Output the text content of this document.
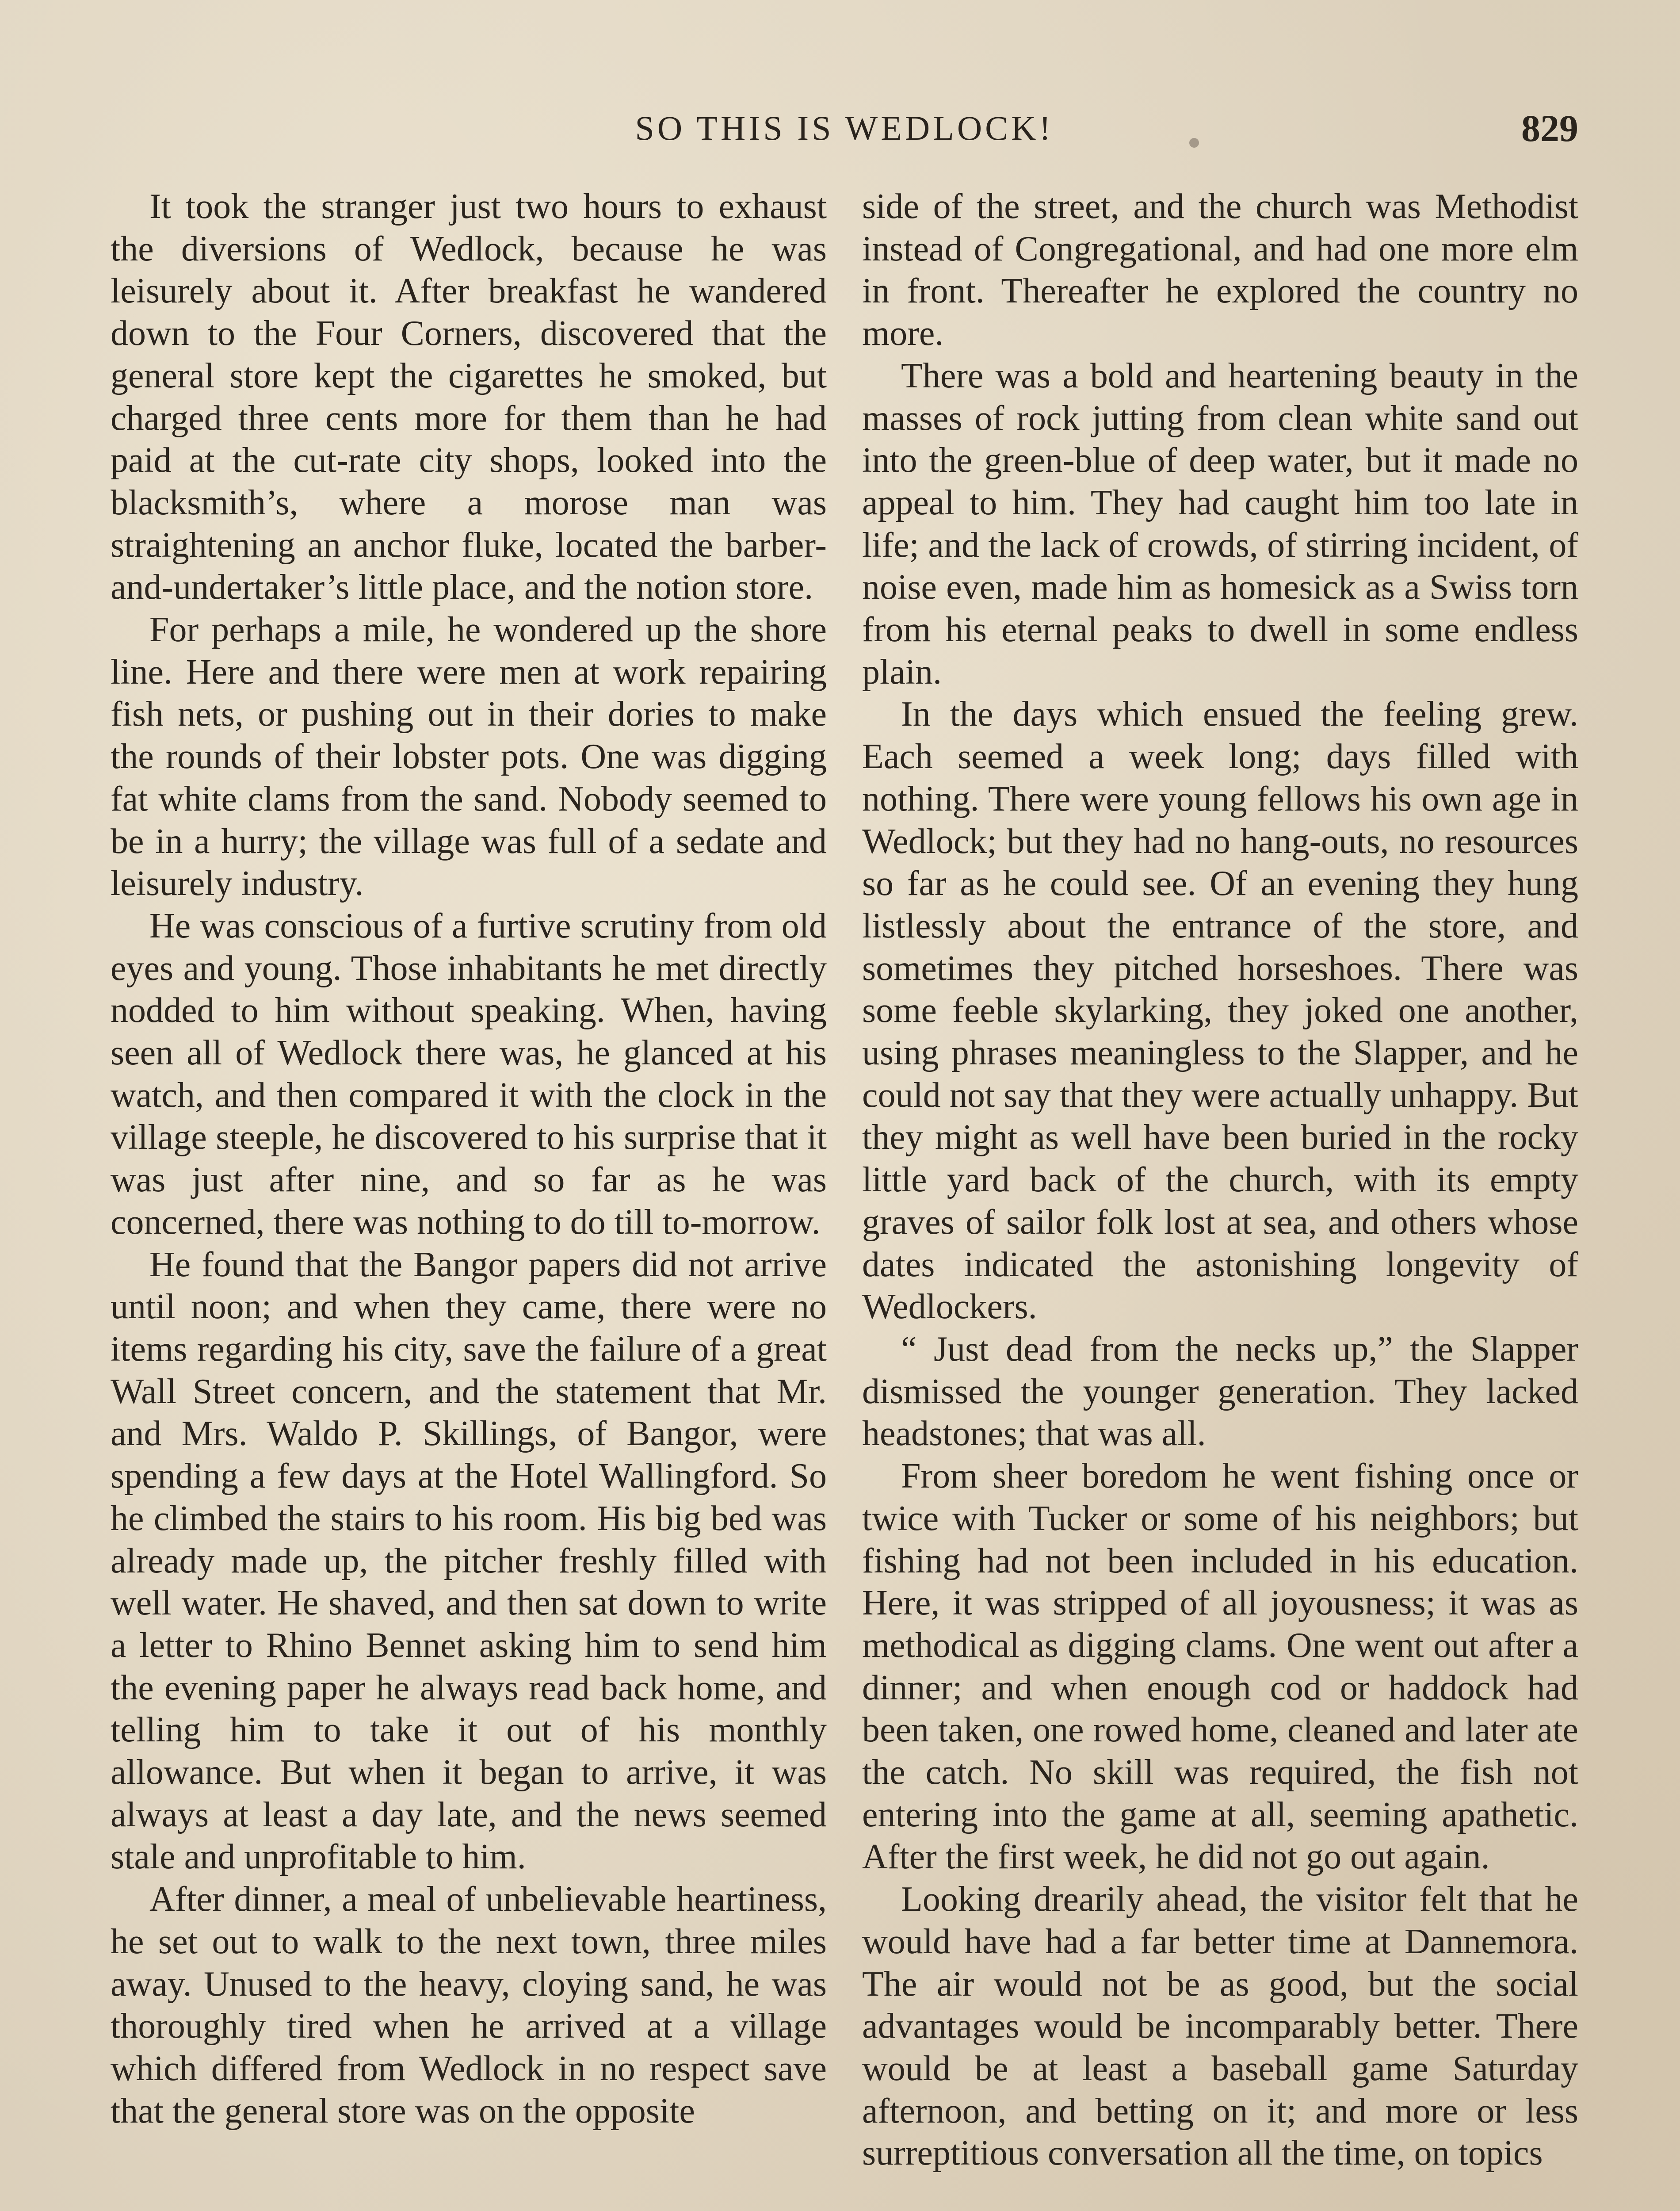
SO THIS IS WEDLOCK!	829

It took the stranger just two hours to exhaust the diversions of Wedlock, because he was leisurely about it. After breakfast he wandered down to the Four Corners, discovered that the general store kept the cigarettes he smoked, but charged three cents more for them than he had paid at the cut-rate city shops, looked into the blacksmith’s, where a morose man was straightening an anchor fluke, located the barber-and-undertaker’s little place, and the notion store.

For perhaps a mile, he wondered up the shore line. Here and there were men at work repairing fish nets, or pushing out in their dories to make the rounds of their lobster pots. One was digging fat white clams from the sand. Nobody seemed to be in a hurry; the village was full of a sedate and leisurely industry.

He was conscious of a furtive scrutiny from old eyes and young. Those inhabitants he met directly nodded to him without speaking. When, having seen all of Wedlock there was, he glanced at his watch, and then compared it with the clock in the village steeple, he discovered to his surprise that it was just after nine, and so far as he was concerned, there was nothing to do till to-morrow.

He found that the Bangor papers did not arrive until noon; and when they came, there were no items regarding his city, save the failure of a great Wall Street concern, and the statement that Mr. and Mrs. Waldo P. Skillings, of Bangor, were spending a few days at the Hotel Wallingford. So he climbed the stairs to his room. His big bed was already made up, the pitcher freshly filled with well water. He shaved, and then sat down to write a letter to Rhino Bennet asking him to send him the evening paper he always read back home, and telling him to take it out of his monthly allowance. But when it began to arrive, it was always at least a day late, and the news seemed stale and unprofitable to him.

After dinner, a meal of unbelievable heartiness, he set out to walk to the next town, three miles away. Unused to the heavy, cloying sand, he was thoroughly tired when he arrived at a village which differed from Wedlock in no respect save that the general store was on the opposite

side of the street, and the church was Methodist instead of Congregational, and had one more elm in front. Thereafter he explored the country no more.

There was a bold and heartening beauty in the masses of rock jutting from clean white sand out into the green-blue of deep water, but it made no appeal to him. They had caught him too late in life; and the lack of crowds, of stirring incident, of noise even, made him as homesick as a Swiss torn from his eternal peaks to dwell in some endless plain.

In the days which ensued the feeling grew. Each seemed a week long; days filled with nothing. There were young fellows his own age in Wedlock; but they had no hang-outs, no resources so far as he could see. Of an evening they hung listlessly about the entrance of the store, and sometimes they pitched horseshoes. There was some feeble skylarking, they joked one another, using phrases meaningless to the Slapper, and he could not say that they were actually unhappy. But they might as well have been buried in the rocky little yard back of the church, with its empty graves of sailor folk lost at sea, and others whose dates indicated the astonishing longevity of Wedlockers.

“ Just dead from the necks up,” the Slapper dismissed the younger generation. They lacked headstones; that was all.

From sheer boredom he went fishing once or twice with Tucker or some of his neighbors; but fishing had not been included in his education. Here, it was stripped of all joyousness; it was as methodical as digging clams. One went out after a dinner; and when enough cod or haddock had been taken, one rowed home, cleaned and later ate the catch. No skill was required, the fish not entering into the game at all, seeming apathetic. After the first week, he did not go out again.

Looking drearily ahead, the visitor felt that he would have had a far better time at Dannemora. The air would not be as good, but the social advantages would be incomparably better. There would be at least a baseball game Saturday afternoon, and betting on it; and more or less surreptitious conversation all the time, on topics
